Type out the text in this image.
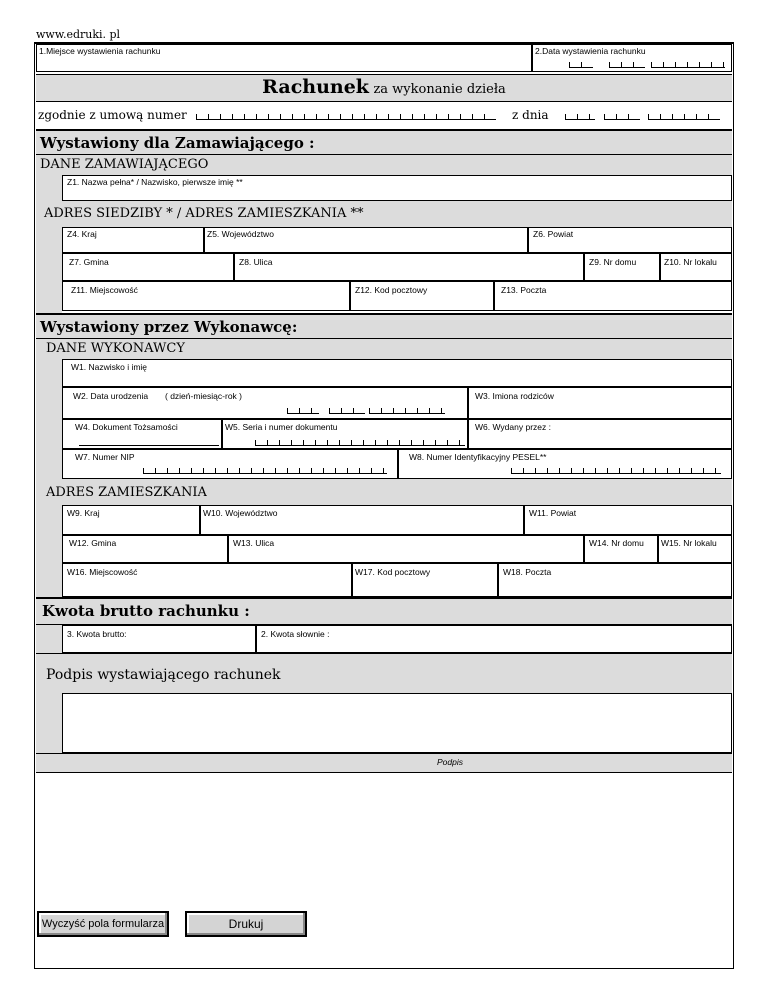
www.edruki. pl
1.Miejsce wystawienia rachunku	2.Data wystawienia rachunku
Rachunek za wykonanie dzieła
zgodnie z umową numer	z dnia
Wystawiony dla Zamawiającego :
DANE ZAMAWIAJĄCEGO
Z1. Nazwa pełna* / Nazwisko, pierwsze imię **
ADRES SIEDZIBY * / ADRES ZAMIESZKANIA **
Z4. Kraj	Z5. Województwo	Z6. Powiat
Z7. Gmina	Z8. Ulica	Z9. Nr domu	Z10. Nr lokalu
Z11. Miejscowość	Z12. Kod pocztowy	Z13. Poczta
Wystawiony przez Wykonawcę:
DANE WYKONAWCY
W1. Nazwisko i imię
W2. Data urodzenia ( dzień-miesiąc-rok )	W3. Imiona rodziców
W4. Dokument Tożsamości	W5. Seria i numer dokumentu	W6. Wydany przez :
W7. Numer NIP	W8. Numer Identyfikacyjny PESEL**
ADRES ZAMIESZKANIA
W9. Kraj	W10. Województwo	W11. Powiat
W12. Gmina	W13. Ulica	W14. Nr domu W15. Nr lokalu
W16. Miejscowość	W17. Kod pocztowy	W18. Poczta
Kwota brutto rachunku :
3. Kwota brutto:	2. Kwota słownie :
Podpis wystawiającego rachunek
Podpis
Wyczyść pola formularza	Drukuj
